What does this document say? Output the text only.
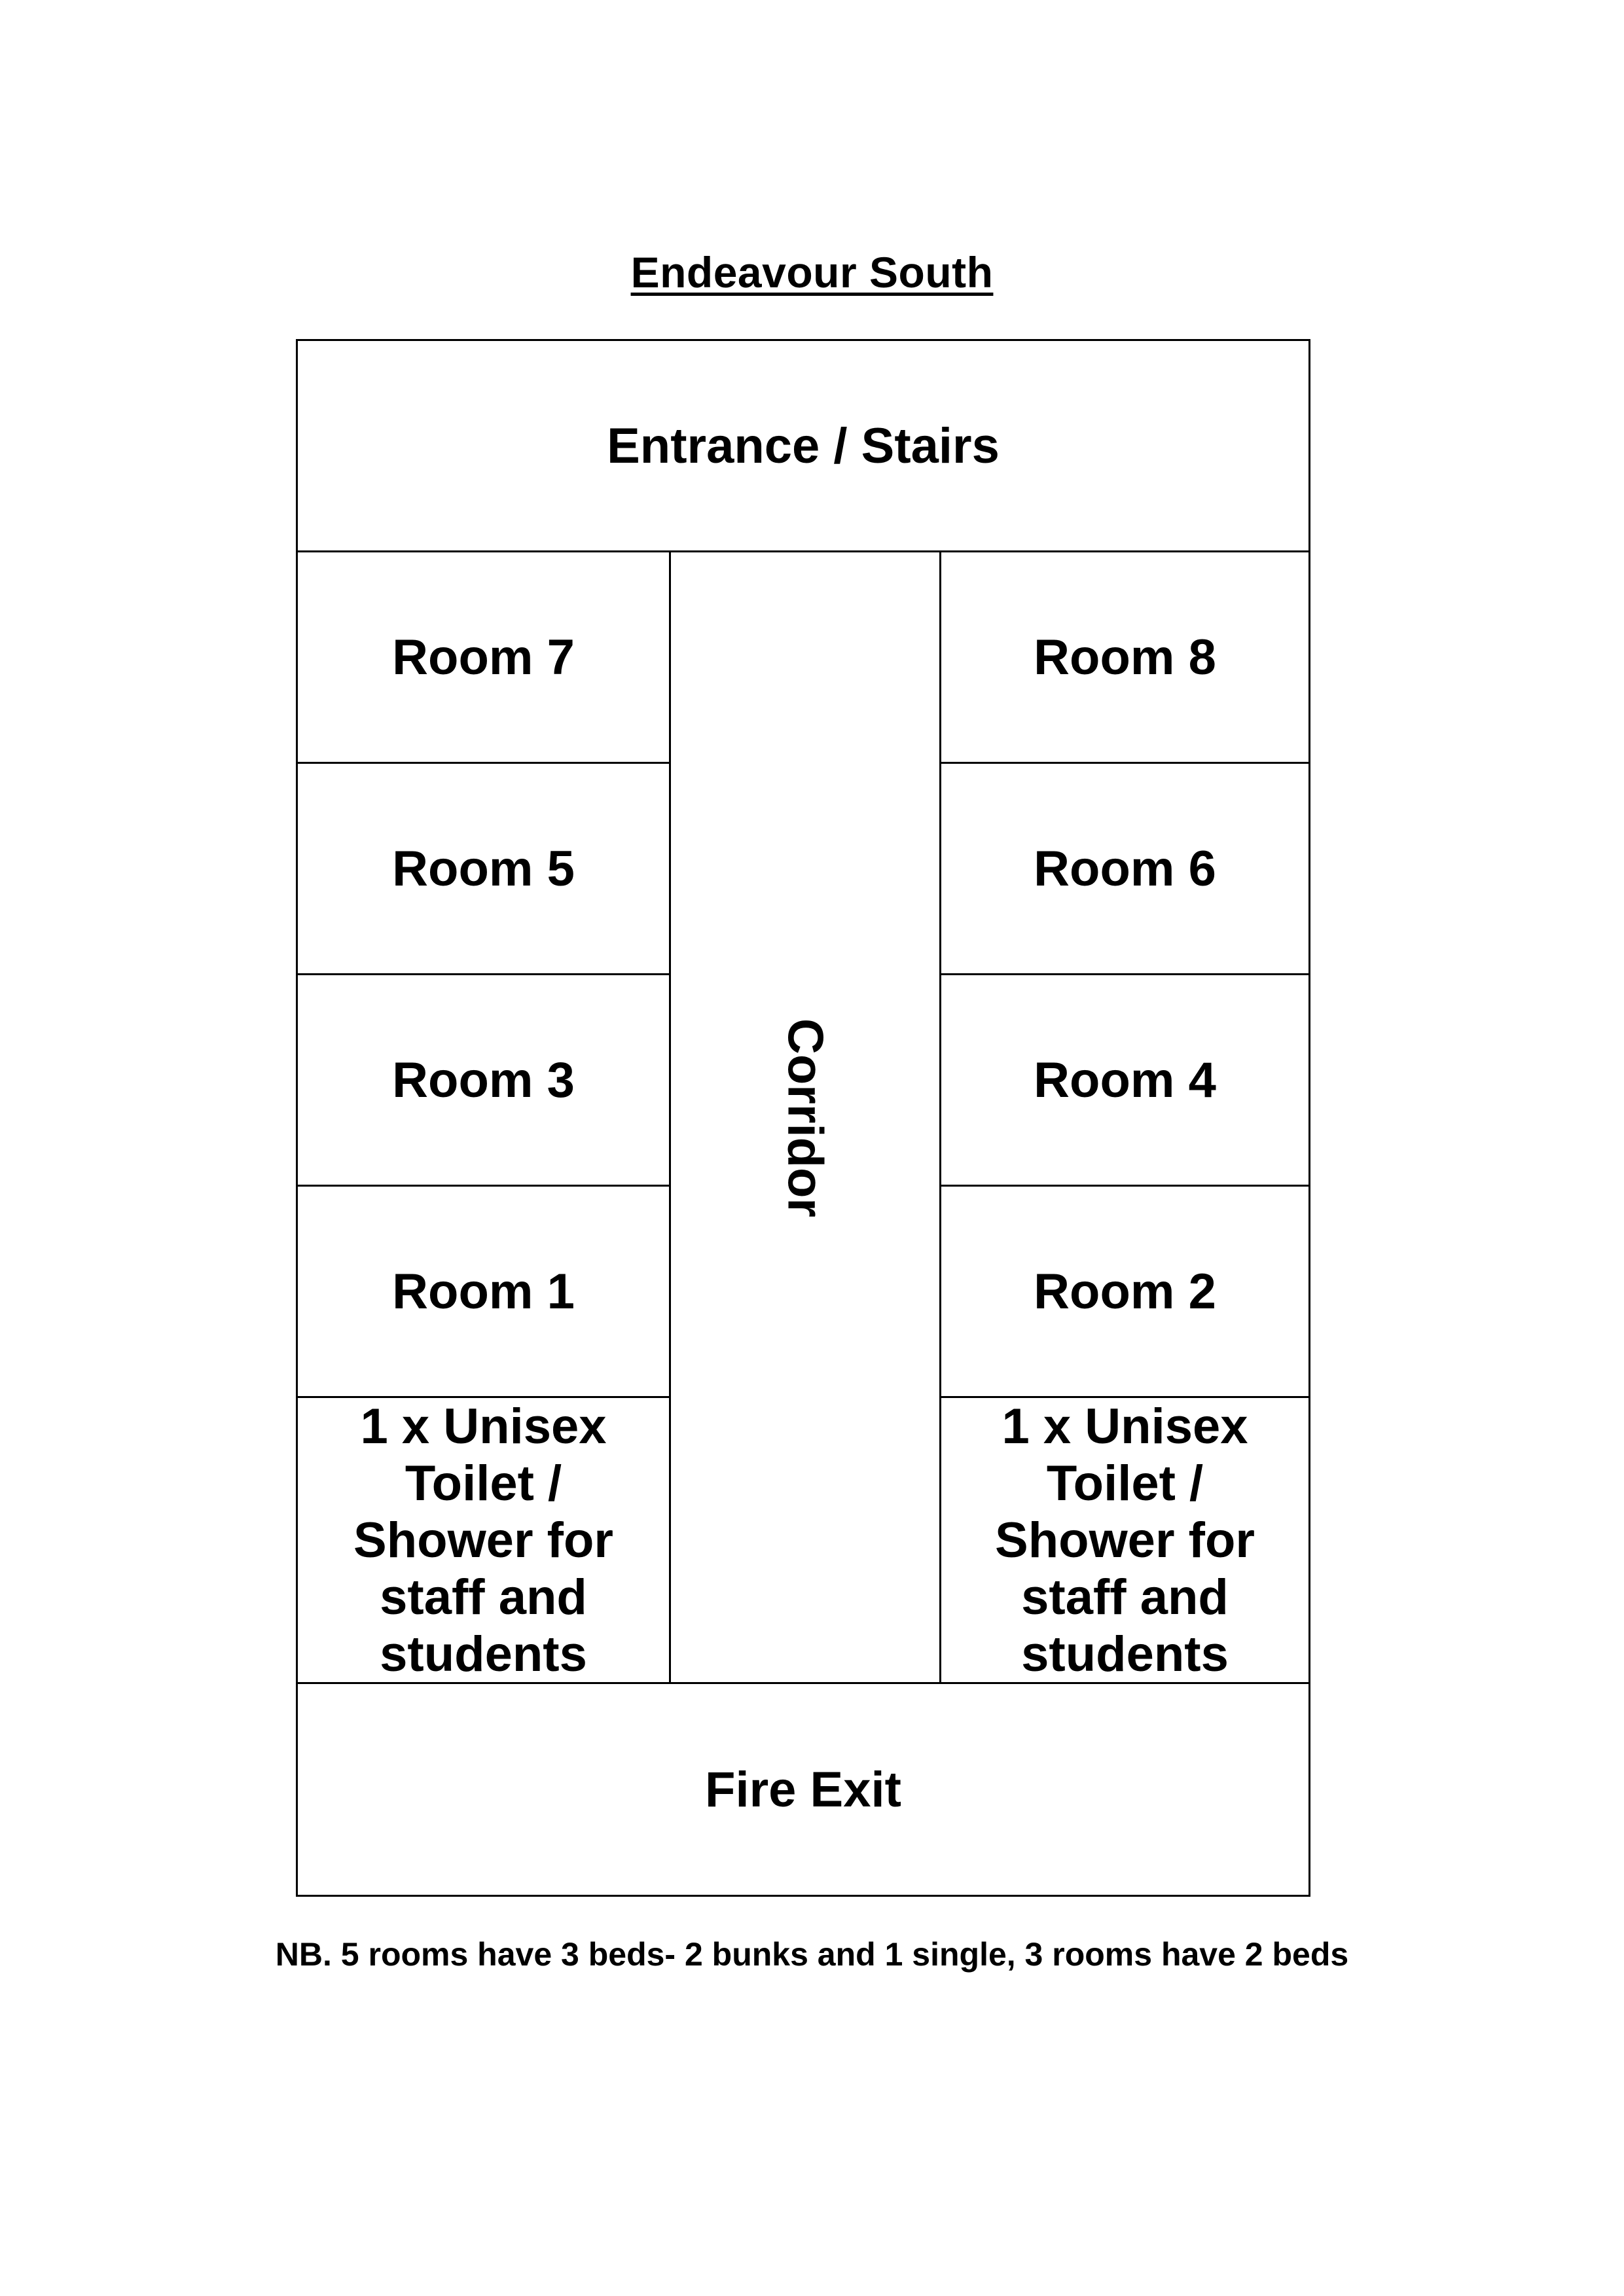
Endeavour South
Entrance / Stairs
Room 7
Room 5
Room 3
Room 1
1 x Unisex Toilet / Shower for staff and students
Corridor
Room 8
Room 6
Room 4
Room 2
1 x Unisex Toilet / Shower for staff and students
Fire Exit
NB. 5 rooms have 3 beds- 2 bunks and 1 single, 3 rooms have 2 beds
